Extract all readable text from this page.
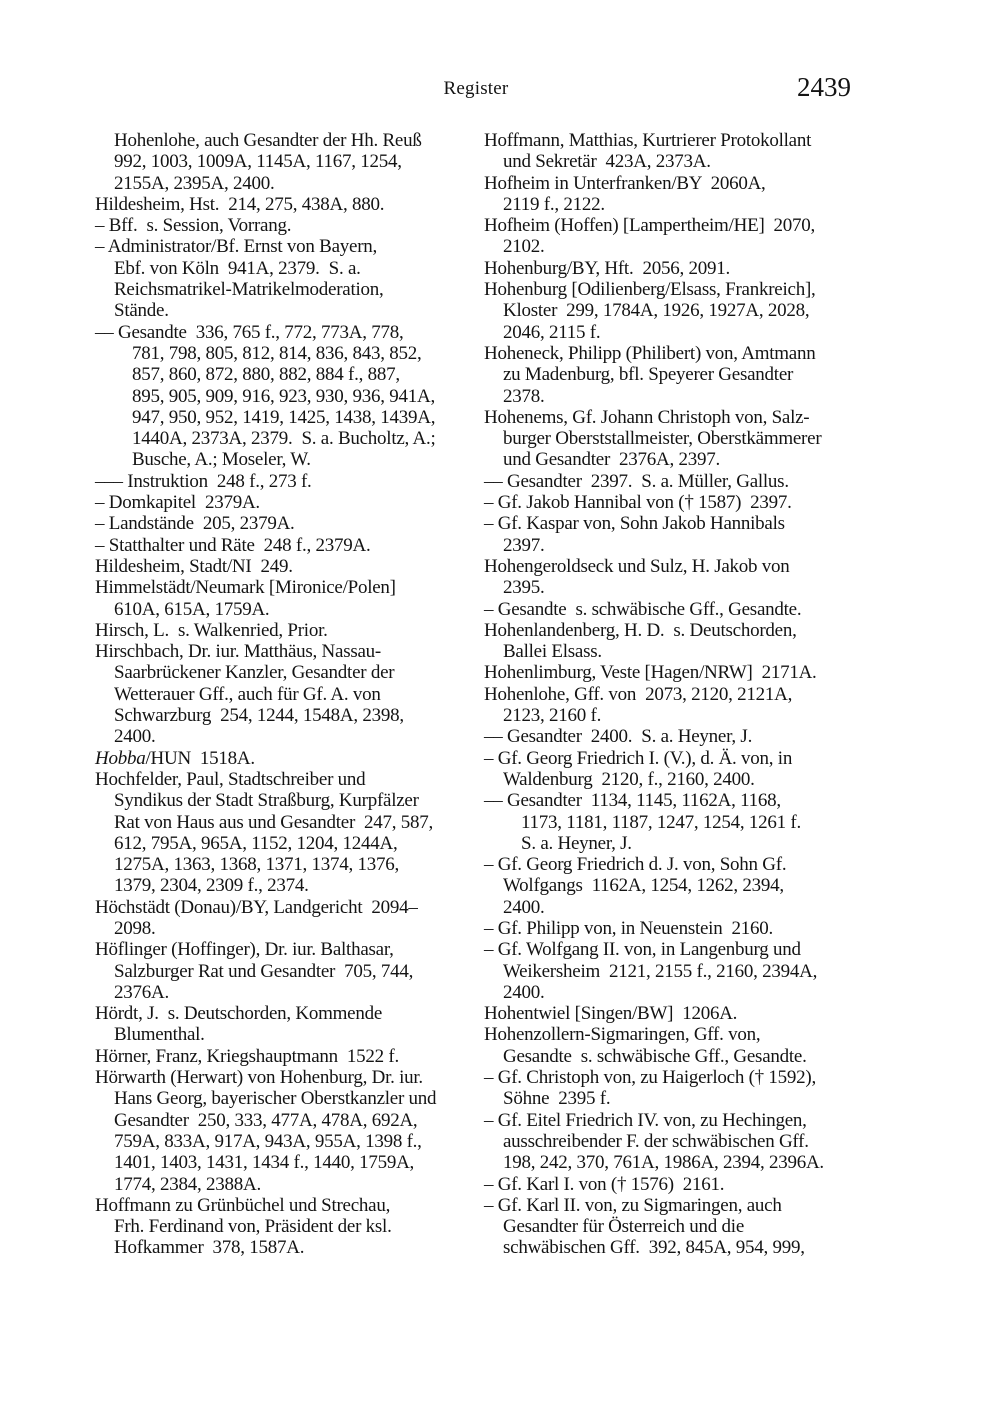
Register	2439
Hohenlohe, auch Gesandter der Hh. Reuß
992, 1003, 1009A, 1145A, 1167, 1254,
2155A, 2395A, 2400.
Hildesheim, Hst.  214, 275, 438A, 880.
– Bff.  s. Session, Vorrang.
– Administrator/Bf. Ernst von Bayern,
Ebf. von Köln  941A, 2379.  S. a.
Reichsmatrikel-Matrikelmoderation,
Stände.
–– Gesandte  336, 765 f., 772, 773A, 778,
781, 798, 805, 812, 814, 836, 843, 852,
857, 860, 872, 880, 882, 884 f., 887,
895, 905, 909, 916, 923, 930, 936, 941A,
947, 950, 952, 1419, 1425, 1438, 1439A,
1440A, 2373A, 2379.  S. a. Bucholtz, A.;
Busche, A.; Moseler, W.
––– Instruktion  248 f., 273 f.
– Domkapitel  2379A.
– Landstände  205, 2379A.
– Statthalter und Räte  248 f., 2379A.
Hildesheim, Stadt/NI  249.
Himmelstädt/Neumark [Mironice/Polen]
610A, 615A, 1759A.
Hirsch, L.  s. Walkenried, Prior.
Hirschbach, Dr. iur. Matthäus, Nassau-
Saarbrückener Kanzler, Gesandter der
Wetterauer Gff., auch für Gf. A. von
Schwarzburg  254, 1244, 1548A, 2398,
2400.
Hobba/HUN  1518A.
Hochfelder, Paul, Stadtschreiber und
Syndikus der Stadt Straßburg, Kurpfälzer
Rat von Haus aus und Gesandter  247, 587,
612, 795A, 965A, 1152, 1204, 1244A,
1275A, 1363, 1368, 1371, 1374, 1376,
1379, 2304, 2309 f., 2374.
Höchstädt (Donau)/BY, Landgericht  2094–
2098.
Höflinger (Hoffinger), Dr. iur. Balthasar,
Salzburger Rat und Gesandter  705, 744,
2376A.
Hördt, J.  s. Deutschorden, Kommende
Blumenthal.
Hörner, Franz, Kriegshauptmann  1522 f.
Hörwarth (Herwart) von Hohenburg, Dr. iur.
Hans Georg, bayerischer Oberstkanzler und
Gesandter  250, 333, 477A, 478A, 692A,
759A, 833A, 917A, 943A, 955A, 1398 f.,
1401, 1403, 1431, 1434 f., 1440, 1759A,
1774, 2384, 2388A.
Hoffmann zu Grünbüchel und Strechau,
Frh. Ferdinand von, Präsident der ksl.
Hofkammer  378, 1587A.
Hoffmann, Matthias, Kurtrierer Protokollant
und Sekretär  423A, 2373A.
Hofheim in Unterfranken/BY  2060A,
2119 f., 2122.
Hofheim (Hoffen) [Lampertheim/HE]  2070,
2102.
Hohenburg/BY, Hft.  2056, 2091.
Hohenburg [Odilienberg/Elsass, Frankreich],
Kloster  299, 1784A, 1926, 1927A, 2028,
2046, 2115 f.
Hoheneck, Philipp (Philibert) von, Amtmann
zu Madenburg, bfl. Speyerer Gesandter
2378.
Hohenems, Gf. Johann Christoph von, Salz-
burger Oberststallmeister, Oberstkämmerer
und Gesandter  2376A, 2397.
–– Gesandter  2397.  S. a. Müller, Gallus.
– Gf. Jakob Hannibal von († 1587)  2397.
– Gf. Kaspar von, Sohn Jakob Hannibals
2397.
Hohengeroldseck und Sulz, H. Jakob von
2395.
– Gesandte  s. schwäbische Gff., Gesandte.
Hohenlandenberg, H. D.  s. Deutschorden,
Ballei Elsass.
Hohenlimburg, Veste [Hagen/NRW]  2171A.
Hohenlohe, Gff. von  2073, 2120, 2121A,
2123, 2160 f.
–– Gesandter  2400.  S. a. Heyner, J.
– Gf. Georg Friedrich I. (V.), d. Ä. von, in
Waldenburg  2120, f., 2160, 2400.
–– Gesandter  1134, 1145, 1162A, 1168,
1173, 1181, 1187, 1247, 1254, 1261 f.
S. a. Heyner, J.
– Gf. Georg Friedrich d. J. von, Sohn Gf.
Wolfgangs  1162A, 1254, 1262, 2394,
2400.
– Gf. Philipp von, in Neuenstein  2160.
– Gf. Wolfgang II. von, in Langenburg und
Weikersheim  2121, 2155 f., 2160, 2394A,
2400.
Hohentwiel [Singen/BW]  1206A.
Hohenzollern-Sigmaringen, Gff. von,
Gesandte  s. schwäbische Gff., Gesandte.
– Gf. Christoph von, zu Haigerloch († 1592),
Söhne  2395 f.
– Gf. Eitel Friedrich IV. von, zu Hechingen,
ausschreibender F. der schwäbischen Gff.
198, 242, 370, 761A, 1986A, 2394, 2396A.
– Gf. Karl I. von († 1576)  2161.
– Gf. Karl II. von, zu Sigmaringen, auch
Gesandter für Österreich und die
schwäbischen Gff.  392, 845A, 954, 999,
